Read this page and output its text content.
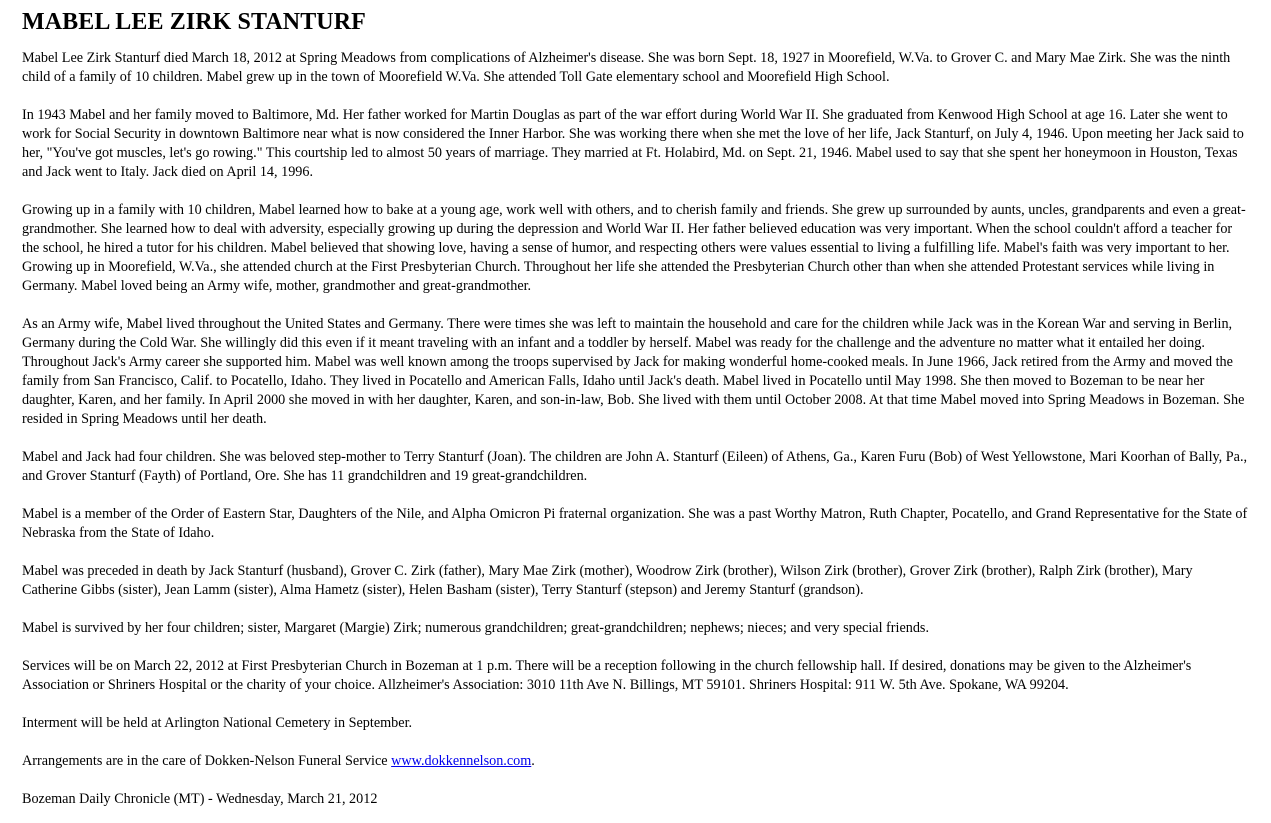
MABEL LEE ZIRK STANTURF

Mabel Lee Zirk Stanturf died March 18, 2012 at Spring Meadows from complications of Alzheimer's disease. She was born Sept. 18, 1927 in Moorefield, W.Va. to Grover C. and Mary Mae Zirk. She was the ninth child of a family of 10 children. Mabel grew up in the town of Moorefield W.Va. She attended Toll Gate elementary school and Moorefield High School.

In 1943 Mabel and her family moved to Baltimore, Md. Her father worked for Martin Douglas as part of the war effort during World War II. She graduated from Kenwood High School at age 16. Later she went to work for Social Security in downtown Baltimore near what is now considered the Inner Harbor. She was working there when she met the love of her life, Jack Stanturf, on July 4, 1946. Upon meeting her Jack said to her, "You've got muscles, let's go rowing." This courtship led to almost 50 years of marriage. They married at Ft. Holabird, Md. on Sept. 21, 1946. Mabel used to say that she spent her honeymoon in Houston, Texas and Jack went to Italy. Jack died on April 14, 1996.

Growing up in a family with 10 children, Mabel learned how to bake at a young age, work well with others, and to cherish family and friends. She grew up surrounded by aunts, uncles, grandparents and even a great-grandmother. She learned how to deal with adversity, especially growing up during the depression and World War II. Her father believed education was very important. When the school couldn't afford a teacher for the school, he hired a tutor for his children. Mabel believed that showing love, having a sense of humor, and respecting others were values essential to living a fulfilling life. Mabel's faith was very important to her. Growing up in Moorefield, W.Va., she attended church at the First Presbyterian Church. Throughout her life she attended the Presbyterian Church other than when she attended Protestant services while living in Germany. Mabel loved being an Army wife, mother, grandmother and great-grandmother.

As an Army wife, Mabel lived throughout the United States and Germany. There were times she was left to maintain the household and care for the children while Jack was in the Korean War and serving in Berlin, Germany during the Cold War. She willingly did this even if it meant traveling with an infant and a toddler by herself. Mabel was ready for the challenge and the adventure no matter what it entailed her doing. Throughout Jack's Army career she supported him. Mabel was well known among the troops supervised by Jack for making wonderful home-cooked meals. In June 1966, Jack retired from the Army and moved the family from San Francisco, Calif. to Pocatello, Idaho. They lived in Pocatello and American Falls, Idaho until Jack's death. Mabel lived in Pocatello until May 1998. She then moved to Bozeman to be near her daughter, Karen, and her family. In April 2000 she moved in with her daughter, Karen, and son-in-law, Bob. She lived with them until October 2008. At that time Mabel moved into Spring Meadows in Bozeman. She resided in Spring Meadows until her death.

Mabel and Jack had four children. She was beloved step-mother to Terry Stanturf (Joan). The children are John A. Stanturf (Eileen) of Athens, Ga., Karen Furu (Bob) of West Yellowstone, Mari Koorhan of Bally, Pa., and Grover Stanturf (Fayth) of Portland, Ore. She has 11 grandchildren and 19 great-grandchildren.

Mabel is a member of the Order of Eastern Star, Daughters of the Nile, and Alpha Omicron Pi fraternal organization. She was a past Worthy Matron, Ruth Chapter, Pocatello, and Grand Representative for the State of Nebraska from the State of Idaho.

Mabel was preceded in death by Jack Stanturf (husband), Grover C. Zirk (father), Mary Mae Zirk (mother), Woodrow Zirk (brother), Wilson Zirk (brother), Grover Zirk (brother), Ralph Zirk (brother), Mary Catherine Gibbs (sister), Jean Lamm (sister), Alma Hametz (sister), Helen Basham (sister), Terry Stanturf (stepson) and Jeremy Stanturf (grandson).

Mabel is survived by her four children; sister, Margaret (Margie) Zirk; numerous grandchildren; great-grandchildren; nephews; nieces; and very special friends.

Services will be on March 22, 2012 at First Presbyterian Church in Bozeman at 1 p.m. There will be a reception following in the church fellowship hall. If desired, donations may be given to the Alzheimer's Association or Shriners Hospital or the charity of your choice. Allzheimer's Association: 3010 11th Ave N. Billings, MT 59101. Shriners Hospital: 911 W. 5th Ave. Spokane, WA 99204.

Interment will be held at Arlington National Cemetery in September.

Arrangements are in the care of Dokken-Nelson Funeral Service www.dokkennelson.com.

Bozeman Daily Chronicle (MT) - Wednesday, March 21, 2012
